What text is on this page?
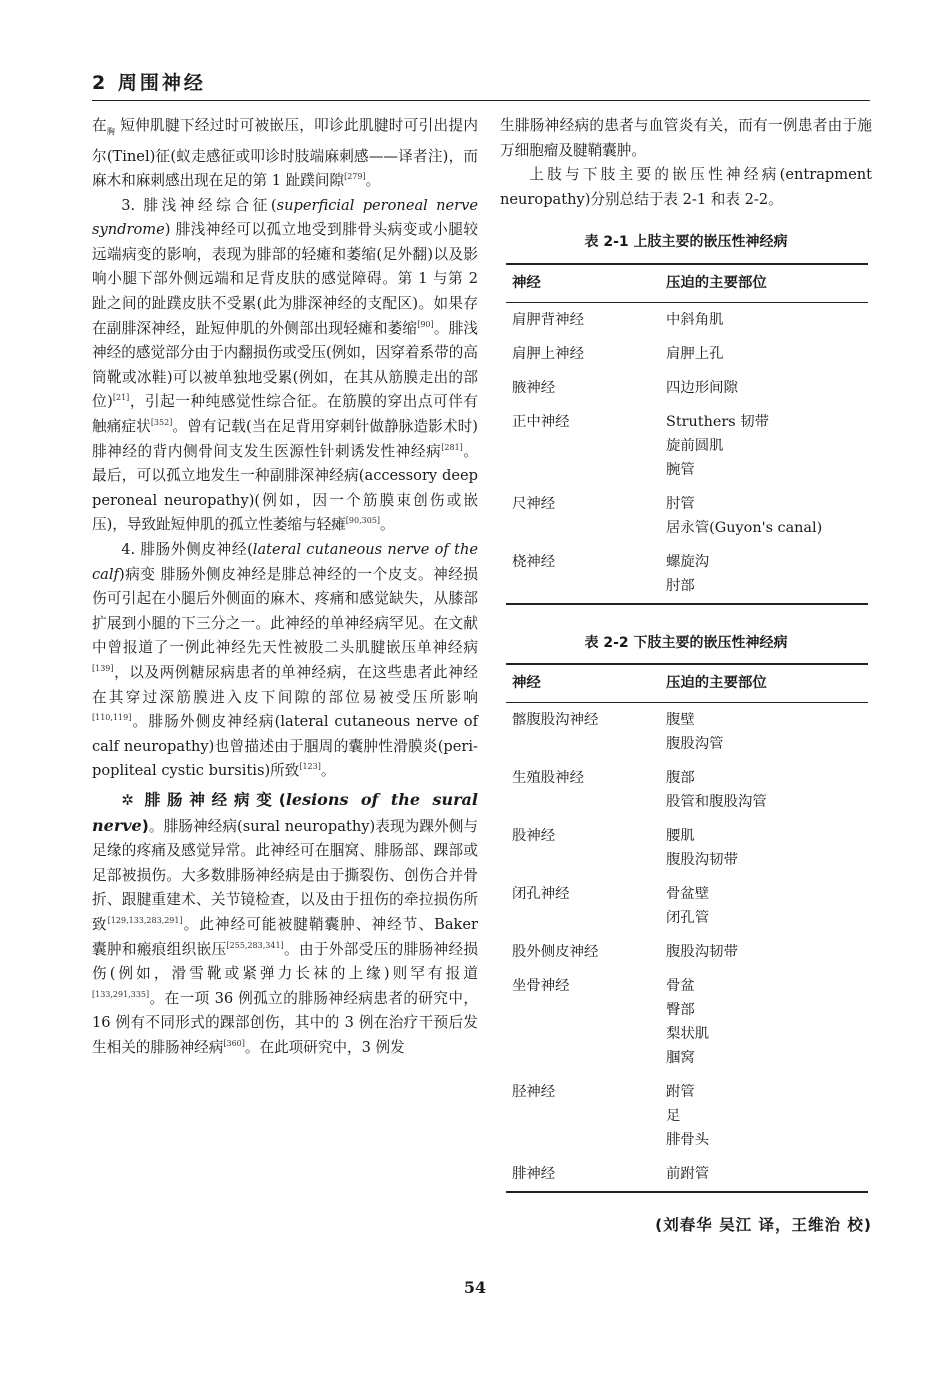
2 周围神经

在$_胸$ 短伸肌腱下经过时可被嵌压，叩诊此肌腱时可引出提内尔(Tinel)征(蚁走感征或叩诊时肢端麻刺感——译者注)，而麻木和麻刺感出现在足的第 1 趾蹼间隙[279]。

3. 腓浅神经综合征(superficial peroneal nerve syndrome) 腓浅神经可以孤立地受到腓骨头病变或小腿较远端病变的影响，表现为腓部的轻瘫和萎缩(足外翻)以及影响小腿下部外侧远端和足背皮肤的感觉障碍。第 1 与第 2 趾之间的趾蹼皮肤不受累(此为腓深神经的支配区)。如果存在副腓深神经，趾短伸肌的外侧部出现轻瘫和萎缩[90]。腓浅神经的感觉部分由于内翻损伤或受压(例如，因穿着系带的高筒靴或冰鞋)可以被单独地受累(例如，在其从筋膜走出的部位)[21]，引起一种纯感觉性综合征。在筋膜的穿出点可伴有触痛症状[352]。曾有记载(当在足背用穿刺针做静脉造影术时)腓神经的背内侧骨间支发生医源性针刺诱发性神经病[281]。最后，可以孤立地发生一种副腓深神经病(accessory deep peroneal neuropathy)(例如，因一个筋膜束创伤或嵌压)，导致趾短伸肌的孤立性萎缩与轻瘫[90,305]。

4. 腓肠外侧皮神经(lateral cutaneous nerve of the calf)病变 腓肠外侧皮神经是腓总神经的一个皮支。神经损伤可引起在小腿后外侧面的麻木、疼痛和感觉缺失，从膝部扩展到小腿的下三分之一。此神经的单神经病罕见。在文献中曾报道了一例此神经先天性被股二头肌腱嵌压单神经病[139]，以及两例糖尿病患者的单神经病，在这些患者此神经在其穿过深筋膜进入皮下间隙的部位易被受压所影响[110,119]。腓肠外侧皮神经病(lateral cutaneous nerve of calf neuropathy)也曾描述由于腘周的囊肿性滑膜炎(peri-popliteal cystic bursitis)所致[123]。

✲ 腓肠神经病变(lesions of the sural nerve)。腓肠神经病(sural neuropathy)表现为踝外侧与足缘的疼痛及感觉异常。此神经可在腘窝、腓肠部、踝部或足部被损伤。大多数腓肠神经病是由于撕裂伤、创伤合并骨折、跟腱重建术、关节镜检查，以及由于扭伤的牵拉损伤所致[129,133,283,291]。此神经可能被腱鞘囊肿、神经节、Baker 囊肿和瘢痕组织嵌压[255,283,341]。由于外部受压的腓肠神经损伤(例如，滑雪靴或紧弹力长袜的上缘)则罕有报道[133,291,335]。在一项 36 例孤立的腓肠神经病患者的研究中，16 例有不同形式的踝部创伤，其中的 3 例在治疗干预后发生相关的腓肠神经病[360]。在此项研究中，3 例发

生腓肠神经病的患者与血管炎有关，而有一例患者由于施万细胞瘤及腱鞘囊肿。

上肢与下肢主要的嵌压性神经病(entrapment neuropathy)分别总结于表 2-1 和表 2-2。

表 2-1 上肢主要的嵌压性神经病
神经	压迫的主要部位
肩胛背神经	中斜角肌

肩胛上神经	肩胛上孔

腋神经	四边形间隙

正中神经	Struthers 韧带
旋前圆肌
腕管

尺神经	肘管
居永管(Guyon's canal)

桡神经	螺旋沟
肘部
表 2-2 下肢主要的嵌压性神经病
神经	压迫的主要部位
髂腹股沟神经	腹壁
腹股沟管

生殖股神经	腹部
股管和腹股沟管

股神经	腰肌
腹股沟韧带

闭孔神经	骨盆壁
闭孔管

股外侧皮神经	腹股沟韧带

坐骨神经	骨盆
臀部
梨状肌
腘窝

胫神经	跗管
足
腓骨头

腓神经	前跗管
(刘春华 吴江 译，王维治 校)
54
